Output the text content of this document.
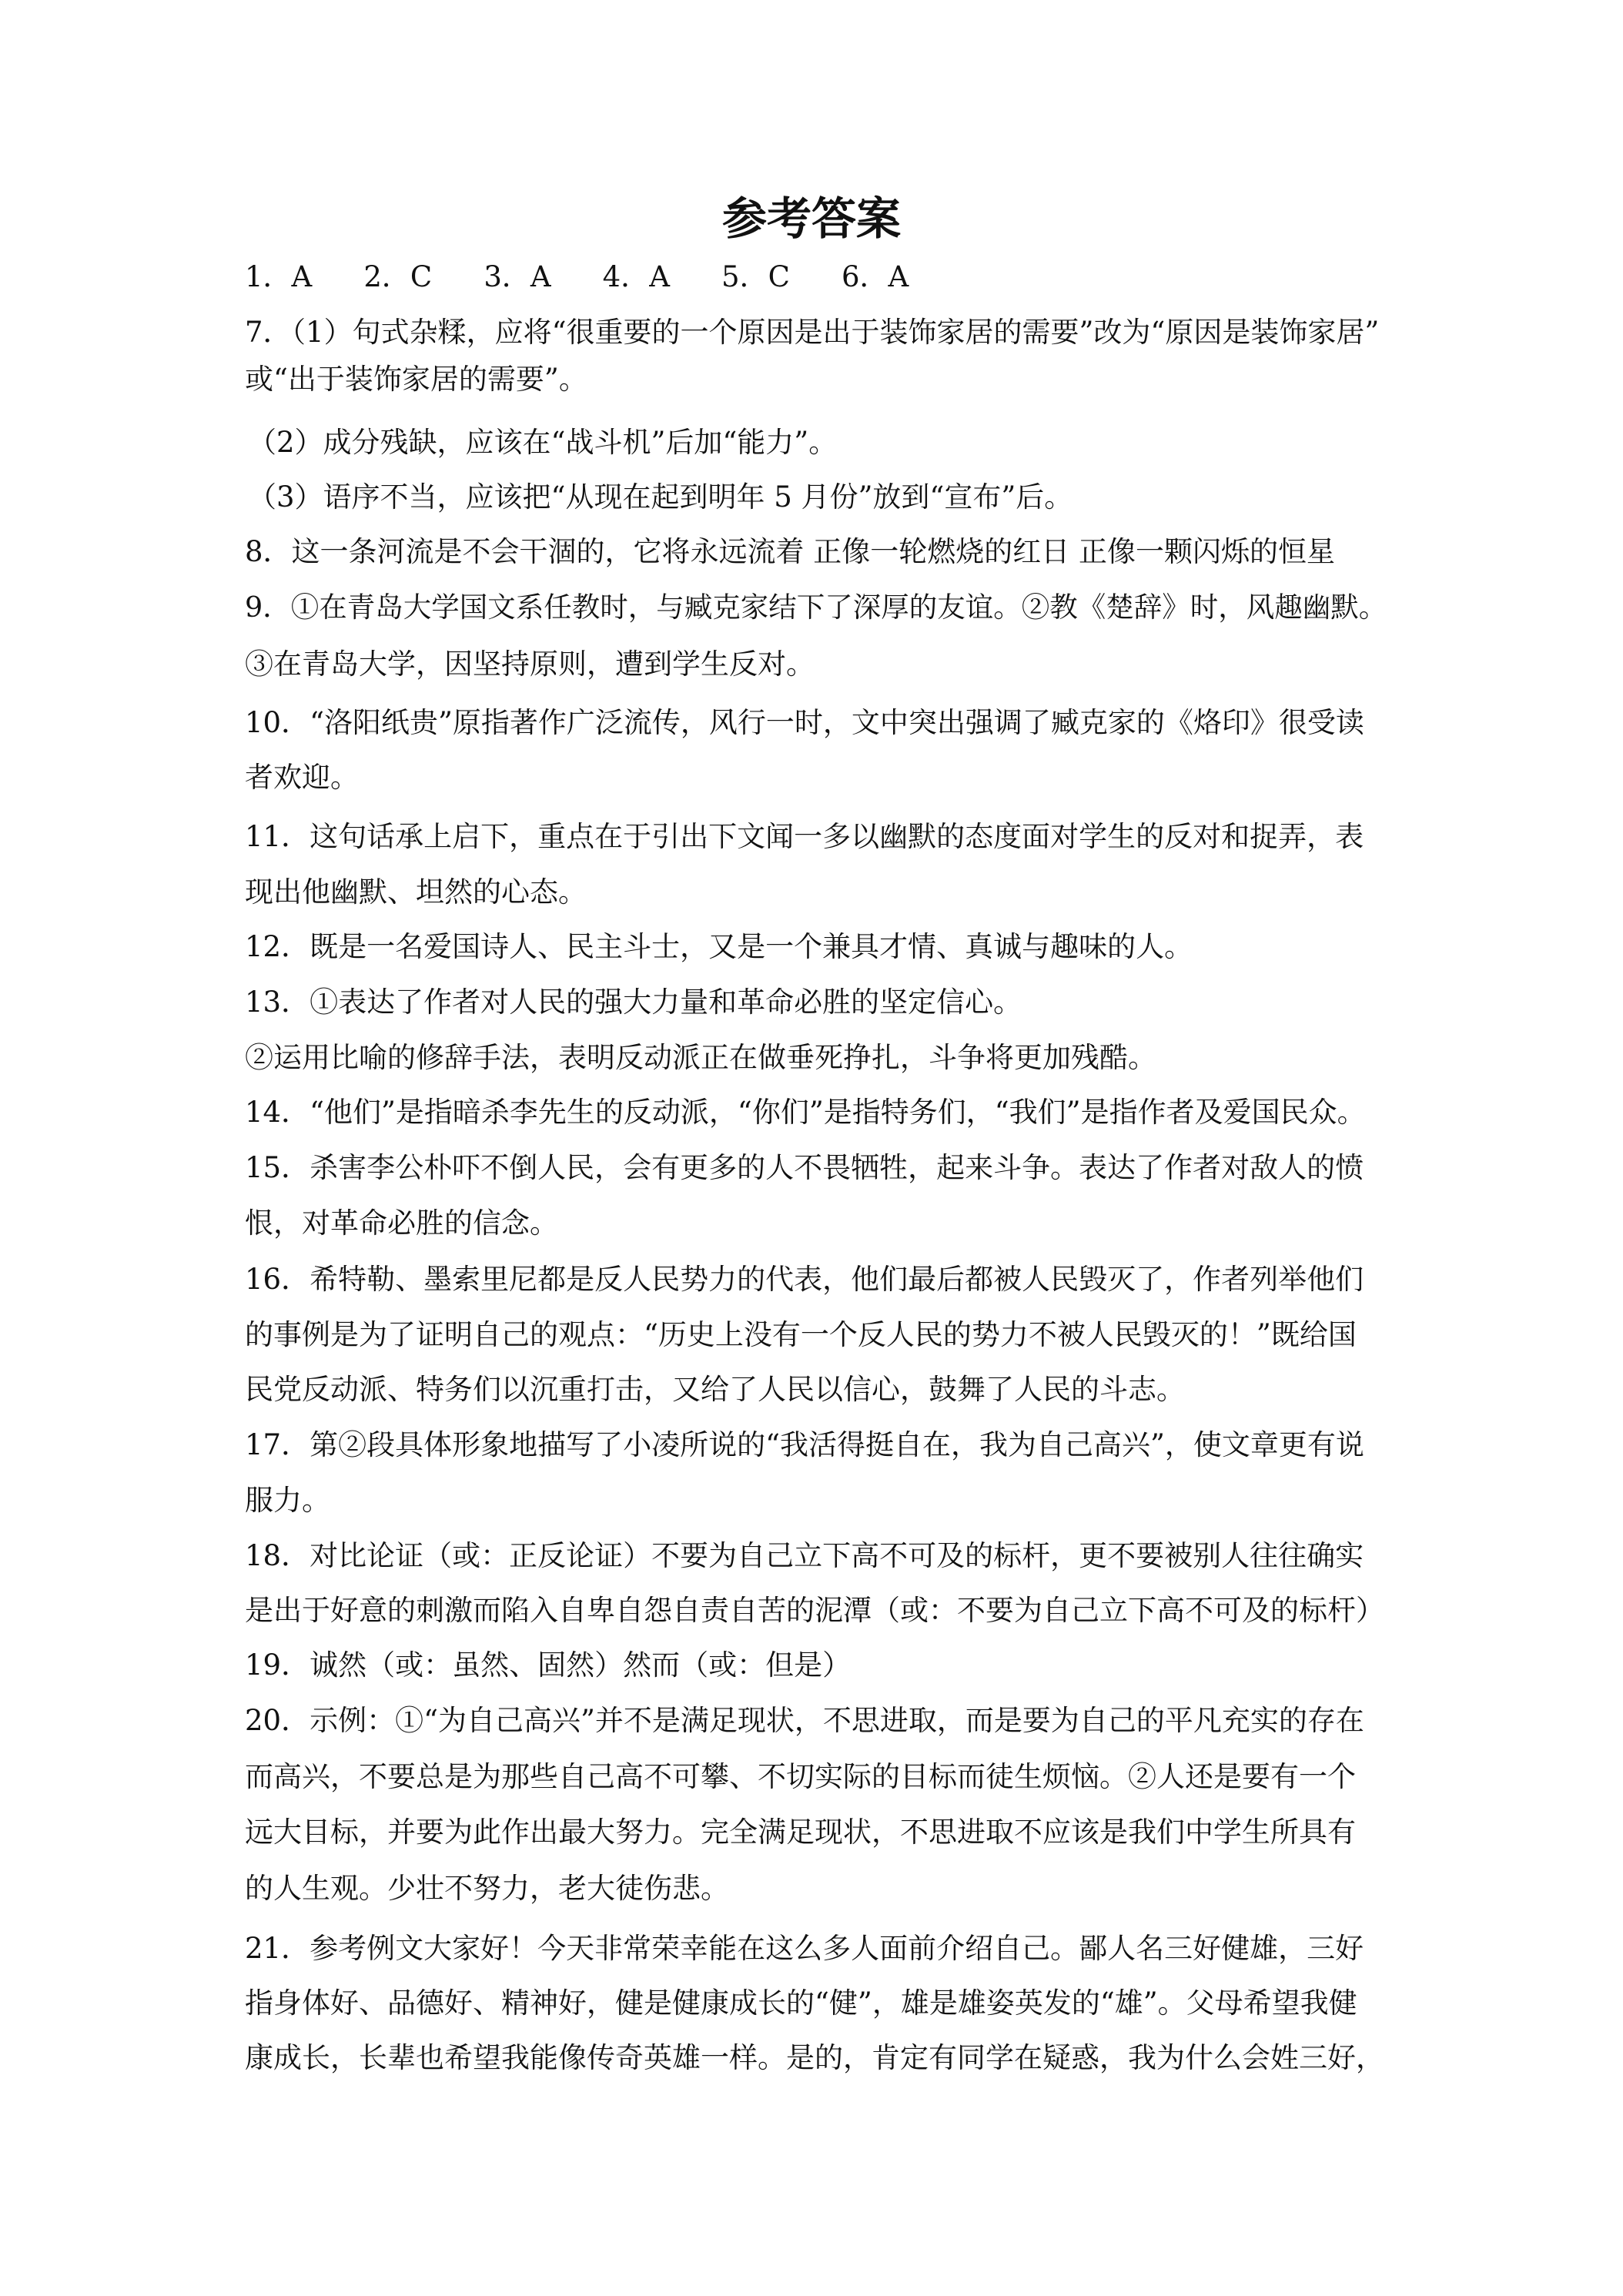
参考答案
1．A 2．C 3．A 4．A 5．C 6．A
7．（1）句式杂糅，应将“很重要的一个原因是出于装饰家居的需要”改为“原因是装饰家居”
或“出于装饰家居的需要”。
（2）成分残缺，应该在“战斗机”后加“能力”。
（3）语序不当，应该把“从现在起到明年 5 月份”放到“宣布”后。
8．这一条河流是不会干涸的，它将永远流着 正像一轮燃烧的红日 正像一颗闪烁的恒星
9．①在青岛大学国文系任教时，与臧克家结下了深厚的友谊。②教《楚辞》时，风趣幽默。
③在青岛大学，因坚持原则，遭到学生反对。
10．“洛阳纸贵”原指著作广泛流传，风行一时，文中突出强调了臧克家的《烙印》很受读
者欢迎。
11．这句话承上启下，重点在于引出下文闻一多以幽默的态度面对学生的反对和捉弄，表
现出他幽默、坦然的心态。
12．既是一名爱国诗人、民主斗士，又是一个兼具才情、真诚与趣味的人。
13．①表达了作者对人民的强大力量和革命必胜的坚定信心。
②运用比喻的修辞手法，表明反动派正在做垂死挣扎，斗争将更加残酷。
14．“他们”是指暗杀李先生的反动派，“你们”是指特务们，“我们”是指作者及爱国民众。
15．杀害李公朴吓不倒人民，会有更多的人不畏牺牲，起来斗争。表达了作者对敌人的愤
恨，对革命必胜的信念。
16．希特勒、墨索里尼都是反人民势力的代表，他们最后都被人民毁灭了，作者列举他们
的事例是为了证明自己的观点：“历史上没有一个反人民的势力不被人民毁灭的！”既给国
民党反动派、特务们以沉重打击，又给了人民以信心，鼓舞了人民的斗志。
17．第②段具体形象地描写了小凌所说的“我活得挺自在，我为自己高兴”，使文章更有说
服力。
18．对比论证（或：正反论证）不要为自己立下高不可及的标杆，更不要被别人往往确实
是出于好意的刺激而陷入自卑自怨自责自苦的泥潭（或：不要为自己立下高不可及的标杆）
19．诚然（或：虽然、固然）然而（或：但是）
20．示例：①“为自己高兴”并不是满足现状，不思进取，而是要为自己的平凡充实的存在
而高兴，不要总是为那些自己高不可攀、不切实际的目标而徒生烦恼。②人还是要有一个
远大目标，并要为此作出最大努力。完全满足现状，不思进取不应该是我们中学生所具有
的人生观。少壮不努力，老大徒伤悲。
21．参考例文大家好！今天非常荣幸能在这么多人面前介绍自己。鄙人名三好健雄，三好
指身体好、品德好、精神好，健是健康成长的“健”，雄是雄姿英发的“雄”。父母希望我健
康成长，长辈也希望我能像传奇英雄一样。是的，肯定有同学在疑惑，我为什么会姓三好，
